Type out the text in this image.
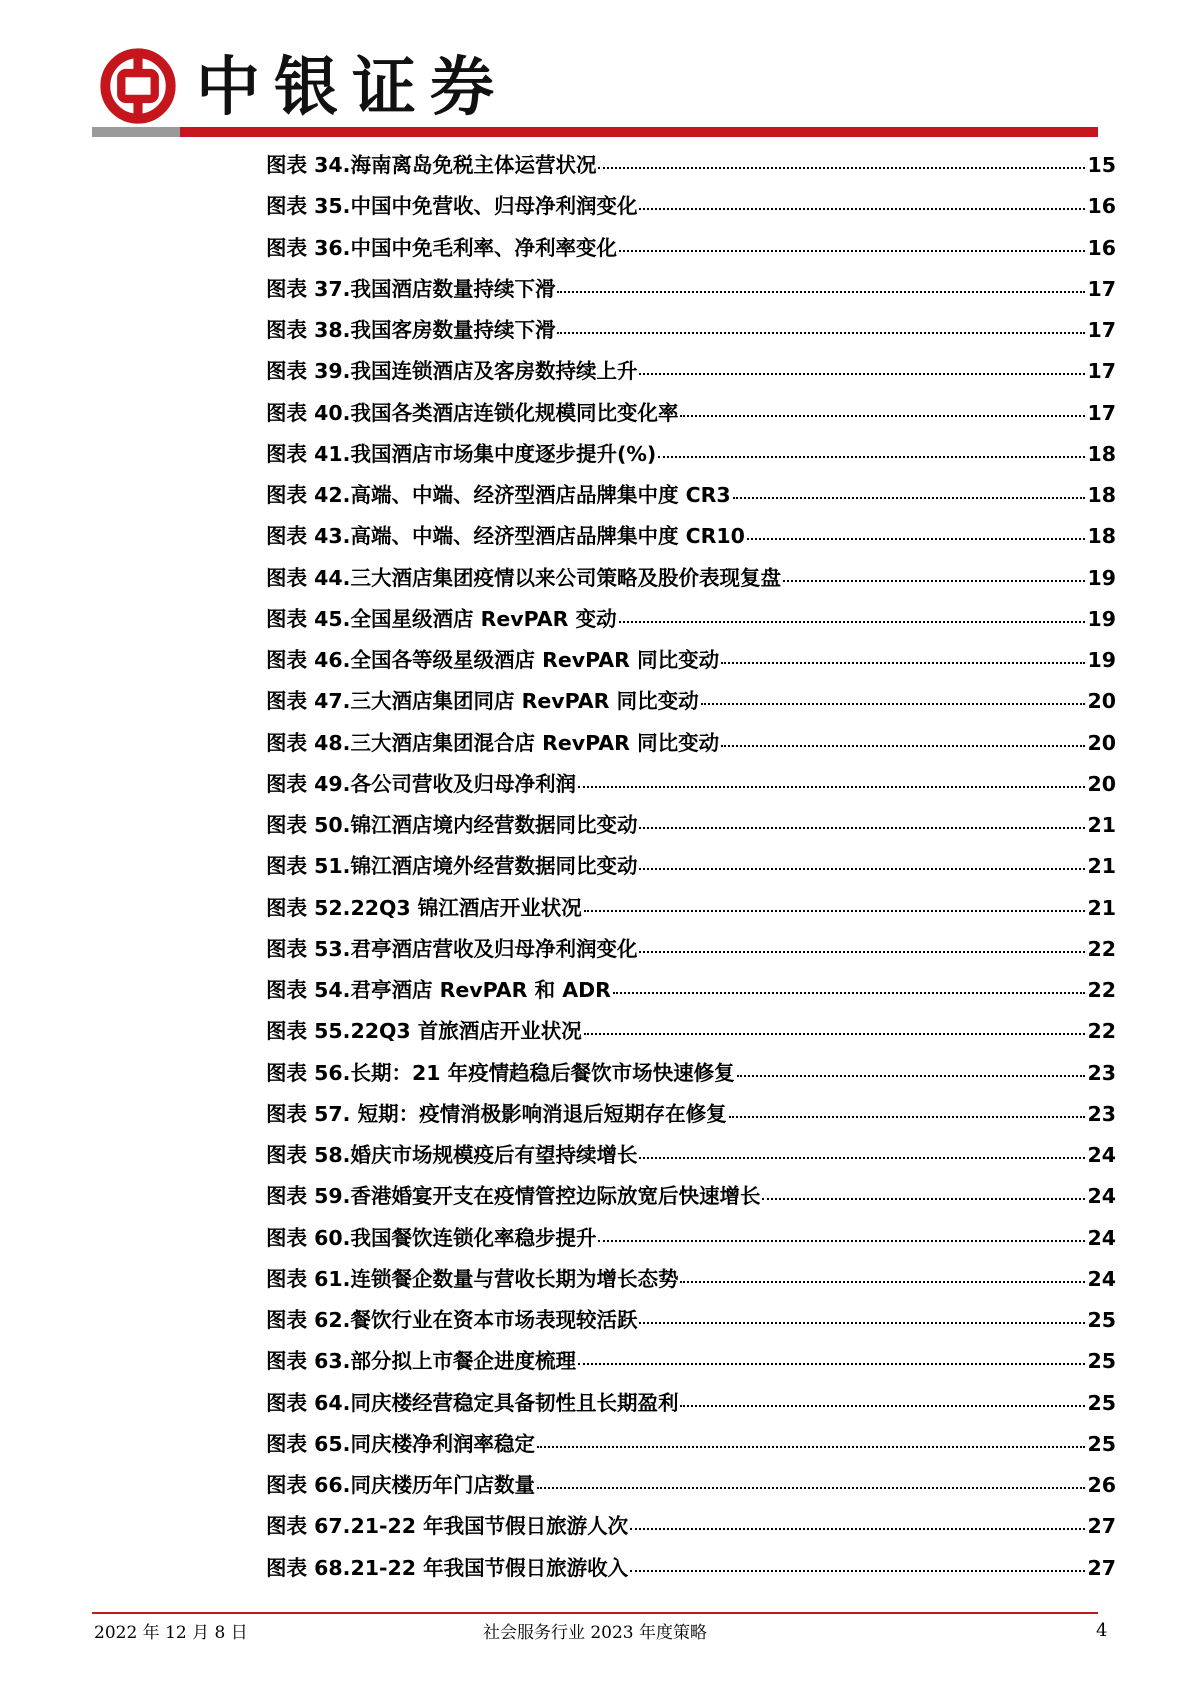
中银证券
图表 34.海南离岛免税主体运营状况	15
图表 35.中国中免营收、归母净利润变化	16
图表 36.中国中免毛利率、净利率变化	16
图表 37.我国酒店数量持续下滑	17
图表 38.我国客房数量持续下滑	17
图表 39.我国连锁酒店及客房数持续上升	17
图表 40.我国各类酒店连锁化规模同比变化率	17
图表 41.我国酒店市场集中度逐步提升(%)	18
图表 42.高端、中端、经济型酒店品牌集中度 CR3	18
图表 43.高端、中端、经济型酒店品牌集中度 CR10	18
图表 44.三大酒店集团疫情以来公司策略及股价表现复盘	19
图表 45.全国星级酒店 RevPAR 变动	19
图表 46.全国各等级星级酒店 RevPAR 同比变动	19
图表 47.三大酒店集团同店 RevPAR 同比变动	20
图表 48.三大酒店集团混合店 RevPAR 同比变动	20
图表 49.各公司营收及归母净利润	20
图表 50.锦江酒店境内经营数据同比变动	21
图表 51.锦江酒店境外经营数据同比变动	21
图表 52.22Q3 锦江酒店开业状况	21
图表 53.君亭酒店营收及归母净利润变化	22
图表 54.君亭酒店 RevPAR 和 ADR	22
图表 55.22Q3 首旅酒店开业状况	22
图表 56.长期：21 年疫情趋稳后餐饮市场快速修复	23
图表 57. 短期：疫情消极影响消退后短期存在修复	23
图表 58.婚庆市场规模疫后有望持续增长	24
图表 59.香港婚宴开支在疫情管控边际放宽后快速增长	24
图表 60.我国餐饮连锁化率稳步提升	24
图表 61.连锁餐企数量与营收长期为增长态势	24
图表 62.餐饮行业在资本市场表现较活跃	25
图表 63.部分拟上市餐企进度梳理	25
图表 64.同庆楼经营稳定具备韧性且长期盈利	25
图表 65.同庆楼净利润率稳定	25
图表 66.同庆楼历年门店数量	26
图表 67.21-22 年我国节假日旅游人次	27
图表 68.21-22 年我国节假日旅游收入	27
2022 年 12 月 8 日	社会服务行业 2023 年度策略	4
